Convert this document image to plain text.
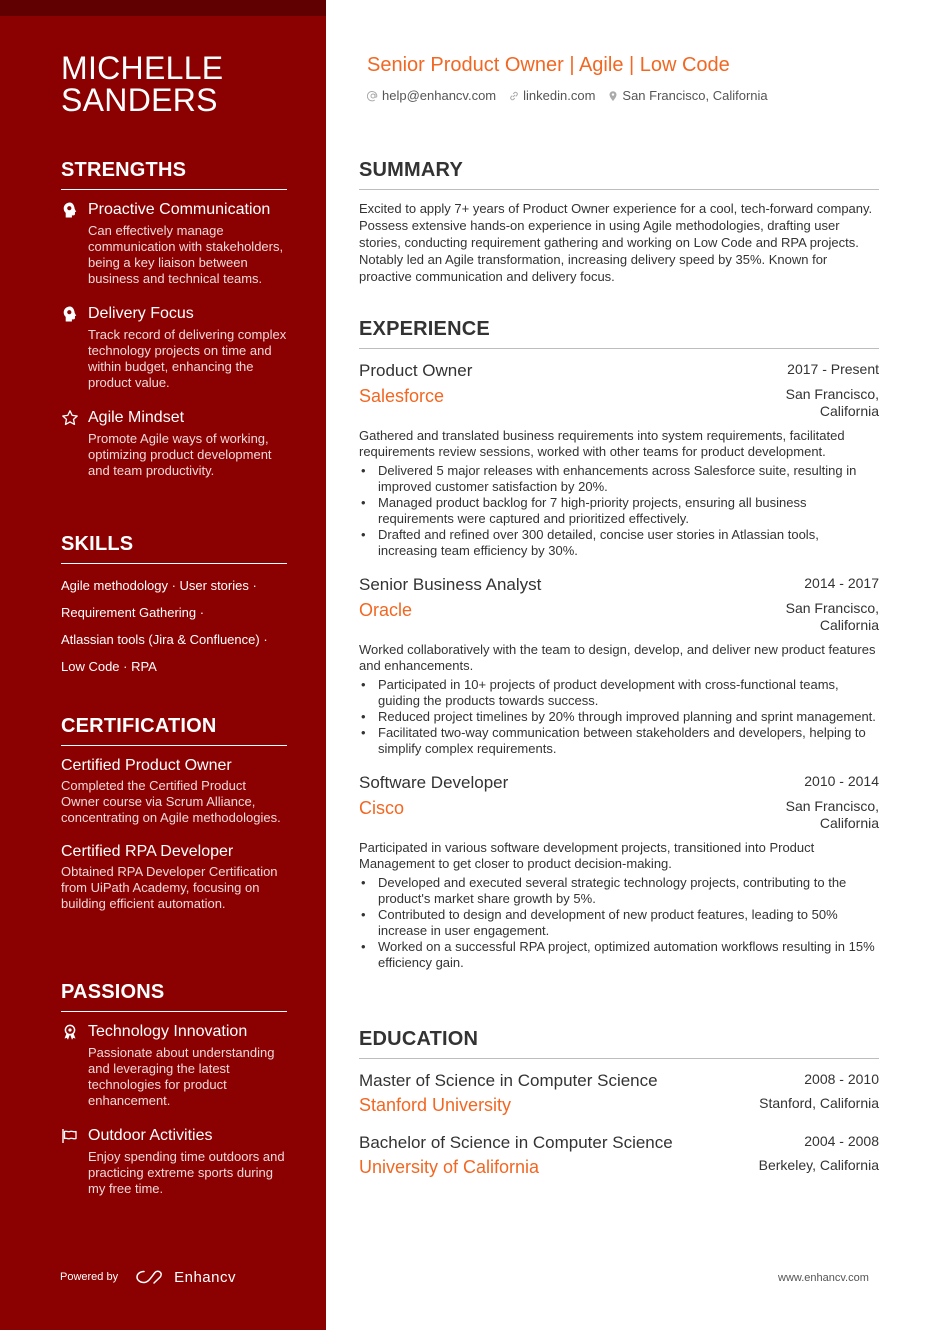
MICHELLE
SANDERS
STRENGTHS
Proactive Communication
Can effectively manage communication with stakeholders, being a key liaison between business and technical teams.
Delivery Focus
Track record of delivering complex technology projects on time and within budget, enhancing the product value.
Agile Mindset
Promote Agile ways of working, optimizing product development and team productivity.
SKILLS
Agile methodology · User stories ·
Requirement Gathering ·
Atlassian tools (Jira & Confluence) ·
Low Code · RPA
CERTIFICATION
Certified Product Owner
Completed the Certified Product Owner course via Scrum Alliance, concentrating on Agile methodologies.
Certified RPA Developer
Obtained RPA Developer Certification from UiPath Academy, focusing on building efficient automation.
PASSIONS
Technology Innovation
Passionate about understanding and leveraging the latest technologies for product enhancement.
Outdoor Activities
Enjoy spending time outdoors and practicing extreme sports during my free time.
Powered by	Enhancv
Senior Product Owner | Agile | Low Code
help@enhancv.com linkedin.com San Francisco, California
SUMMARY

Excited to apply 7+ years of Product Owner experience for a cool, tech-forward company. Possess extensive hands-on experience in using Agile methodologies, drafting user stories, conducting requirement gathering and working on Low Code and RPA projects. Notably led an Agile transformation, increasing delivery speed by 35%. Known for proactive communication and delivery focus.

EXPERIENCE
Product Owner	2017 - Present
Salesforce	San Francisco, California

Gathered and translated business requirements into system requirements, facilitated requirements review sessions, worked with other teams for product development.

• Delivered 5 major releases with enhancements across Salesforce suite, resulting in improved customer satisfaction by 20%.
• Managed product backlog for 7 high-priority projects, ensuring all business requirements were captured and prioritized effectively.
• Drafted and refined over 300 detailed, concise user stories in Atlassian tools, increasing team efficiency by 30%.
Senior Business Analyst	2014 - 2017
Oracle	San Francisco, California

Worked collaboratively with the team to design, develop, and deliver new product features and enhancements.

• Participated in 10+ projects of product development with cross-functional teams, guiding the products towards success.
• Reduced project timelines by 20% through improved planning and sprint management.
• Facilitated two-way communication between stakeholders and developers, helping to simplify complex requirements.
Software Developer	2010 - 2014
Cisco	San Francisco, California

Participated in various software development projects, transitioned into Product Management to get closer to product decision-making.

• Developed and executed several strategic technology projects, contributing to the product's market share growth by 5%.
• Contributed to design and development of new product features, leading to 50% increase in user engagement.
• Worked on a successful RPA project, optimized automation workflows resulting in 15% efficiency gain.
EDUCATION
Master of Science in Computer Science	2008 - 2010
Stanford University	Stanford, California
Bachelor of Science in Computer Science	2004 - 2008
University of California	Berkeley, California
www.enhancv.com
